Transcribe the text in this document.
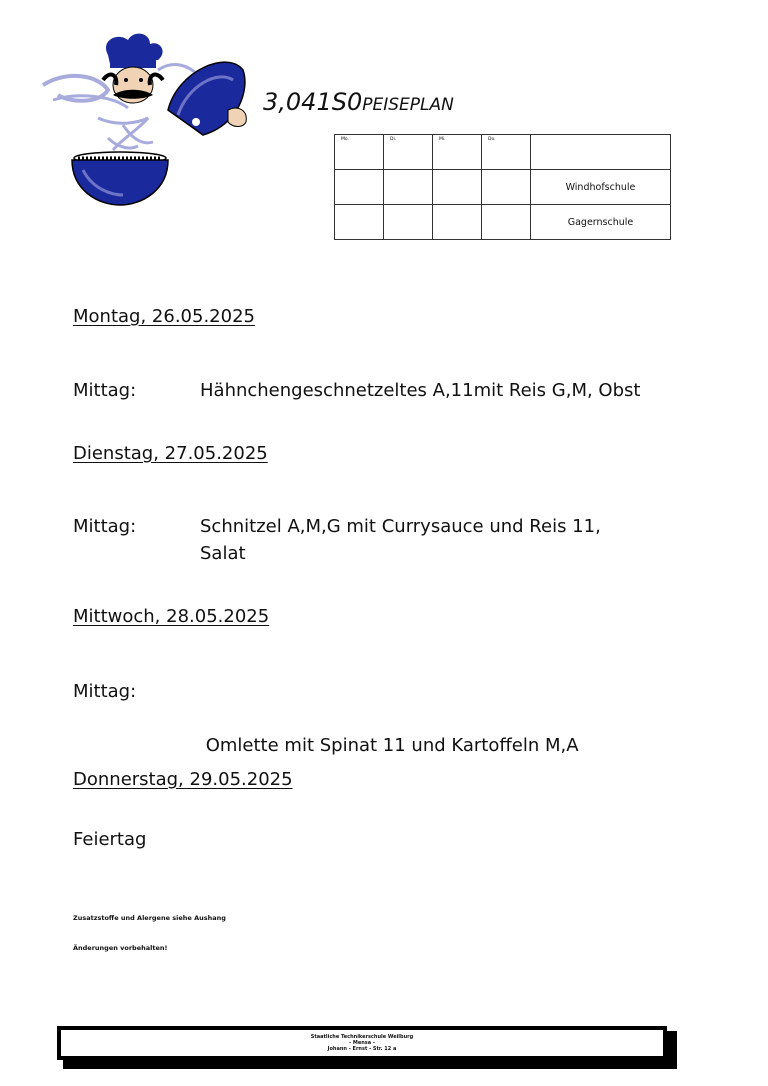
3,041S0PEISEPLAN
Mo.	Di.	Mi.	Do.	
				Windhofschule
				Gagernschule
Montag, 26.05.2025
Mittag:	Hähnchengeschnetzeltes A,11mit Reis G,M, Obst
Dienstag, 27.05.2025
Mittag:	Schnitzel A,M,G mit Currysauce und Reis 11,
Salat
Mittwoch, 28.05.2025
Mittag:

Omlette mit Spinat 11 und Kartoffeln M,A

Donnerstag, 29.05.2025
Feiertag
Zusatzstoffe und Alergene siehe Aushang
Änderungen vorbehalten!
Staatliche Technikerschule Weilburg
- Mensa -
Johann - Ernst - Str. 12 a
